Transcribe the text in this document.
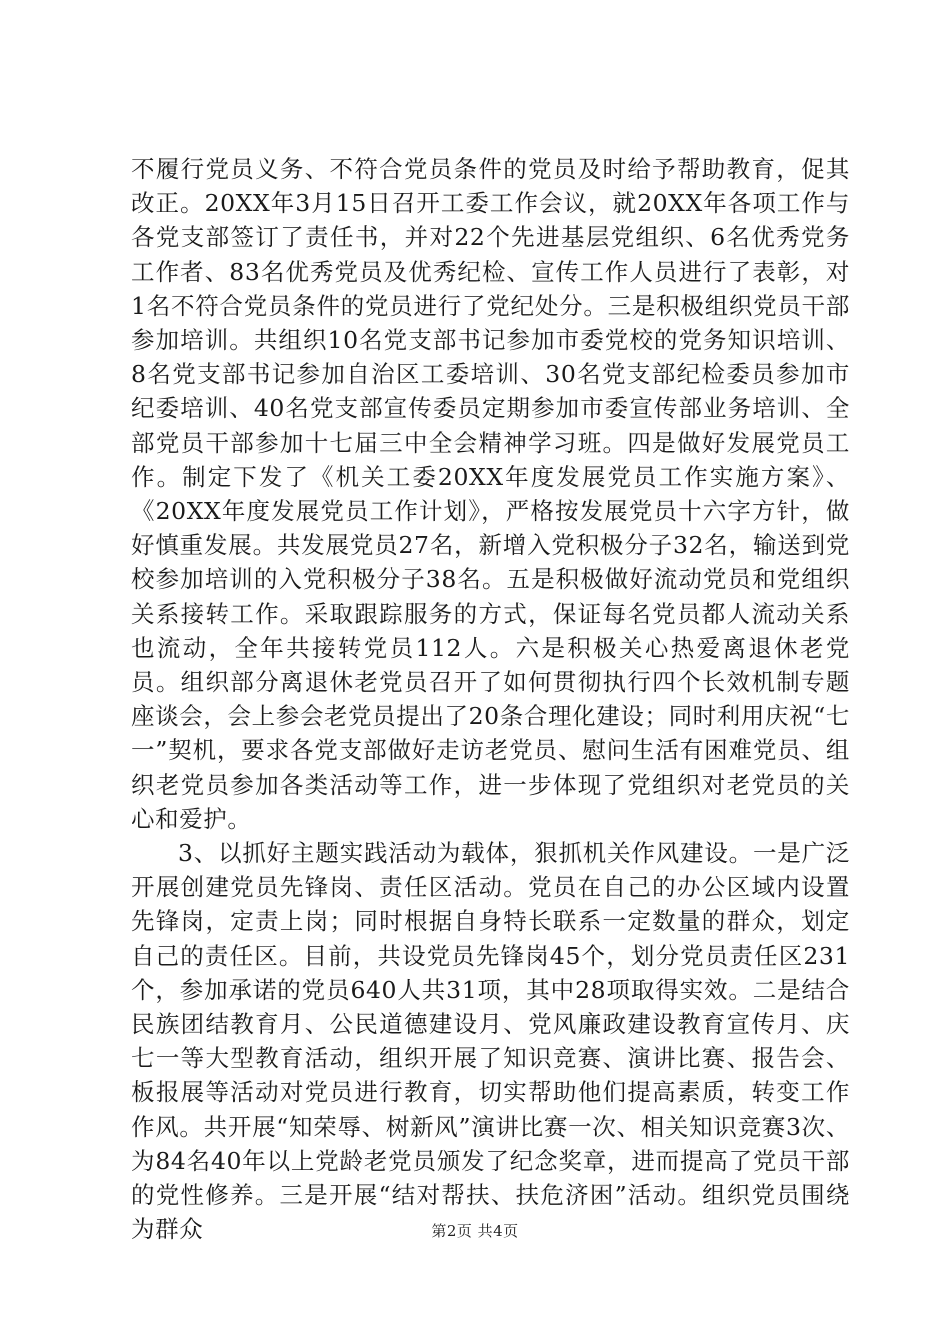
不履行党员义务、不符合党员条件的党员及时给予帮助教育，促其改正。20XX年3月15日召开工委工作会议，就20XX年各项工作与各党支部签订了责任书，并对22个先进基层党组织、6名优秀党务工作者、83名优秀党员及优秀纪检、宣传工作人员进行了表彰，对1名不符合党员条件的党员进行了党纪处分。三是积极组织党员干部参加培训。共组织10名党支部书记参加市委党校的党务知识培训、8名党支部书记参加自治区工委培训、30名党支部纪检委员参加市纪委培训、40名党支部宣传委员定期参加市委宣传部业务培训、全部党员干部参加十七届三中全会精神学习班。四是做好发展党员工作。制定下发了《机关工委20XX年度发展党员工作实施方案》、《20XX年度发展党员工作计划》，严格按发展党员十六字方针，做好慎重发展。共发展党员27名，新增入党积极分子32名，输送到党校参加培训的入党积极分子38名。五是积极做好流动党员和党组织关系接转工作。采取跟踪服务的方式，保证每名党员都人流动关系也流动，全年共接转党员112人。六是积极关心热爱离退休老党员。组织部分离退休老党员召开了如何贯彻执行四个长效机制专题座谈会，会上参会老党员提出了20条合理化建设；同时利用庆祝“七一”契机，要求各党支部做好走访老党员、慰问生活有困难党员、组织老党员参加各类活动等工作，进一步体现了党组织对老党员的关心和爱护。

3、以抓好主题实践活动为载体，狠抓机关作风建设。一是广泛开展创建党员先锋岗、责任区活动。党员在自己的办公区域内设置先锋岗，定责上岗；同时根据自身特长联系一定数量的群众，划定自己的责任区。目前，共设党员先锋岗45个，划分党员责任区231个，参加承诺的党员640人共31项，其中28项取得实效。二是结合民族团结教育月、公民道德建设月、党风廉政建设教育宣传月、庆七一等大型教育活动，组织开展了知识竞赛、演讲比赛、报告会、板报展等活动对党员进行教育，切实帮助他们提高素质，转变工作作风。共开展“知荣辱、树新风”演讲比赛一次、相关知识竞赛3次、为84名40年以上党龄老党员颁发了纪念奖章，进而提高了党员干部的党性修养。三是开展“结对帮扶、扶危济困”活动。组织党员围绕为群众	第2页 共4页
